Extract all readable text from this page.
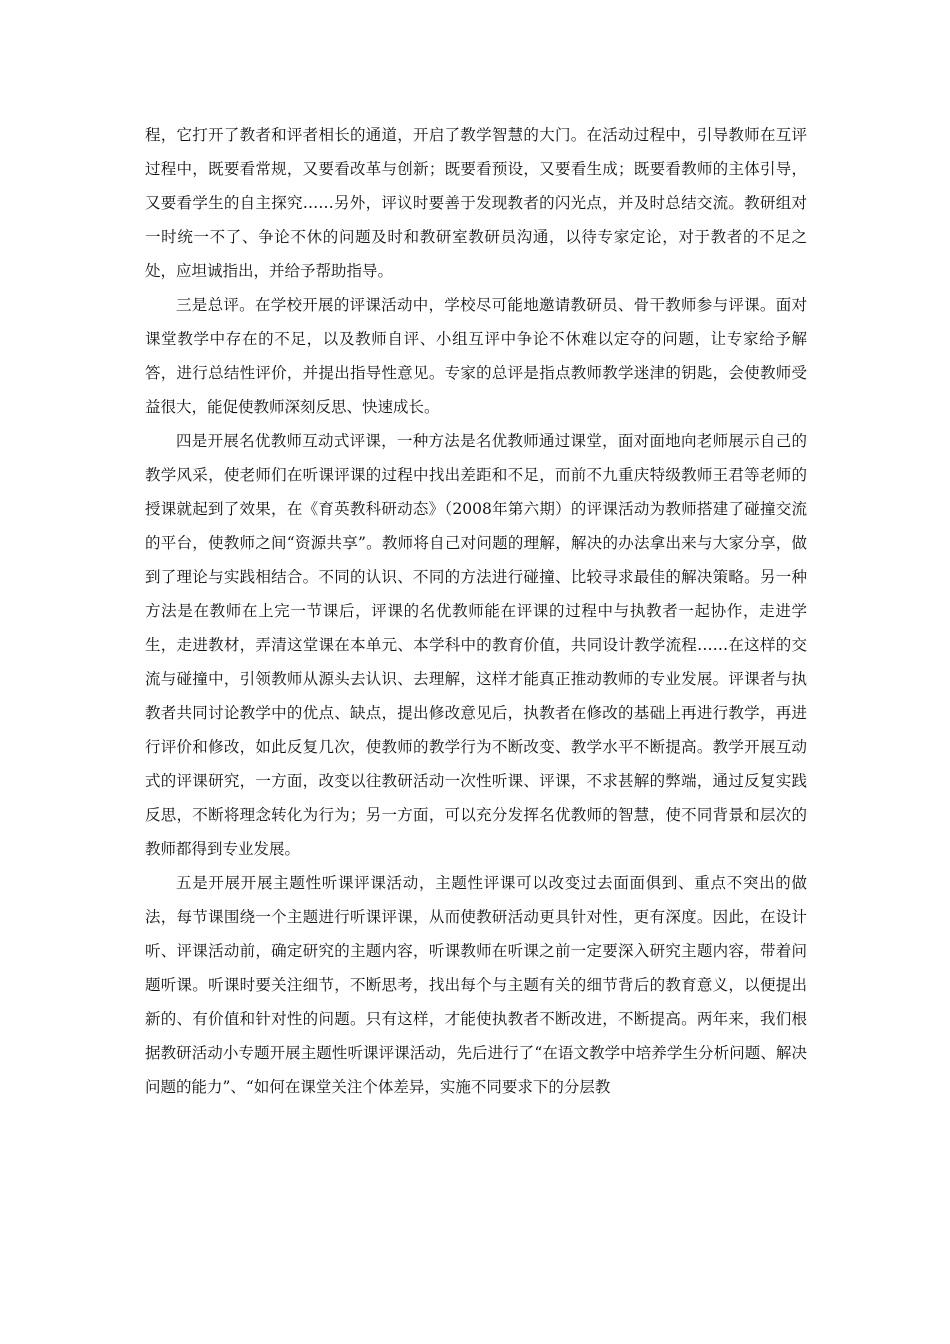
程，它打开了教者和评者相长的通道，开启了教学智慧的大门。在活动过程中，引导教师在互评过程中，既要看常规，又要看改革与创新；既要看预设，又要看生成；既要看教师的主体引导，又要看学生的自主探究……另外，评议时要善于发现教者的闪光点，并及时总结交流。教研组对一时统一不了、争论不休的问题及时和教研室教研员沟通，以待专家定论，对于教者的不足之处，应坦诚指出，并给予帮助指导。

三是总评。在学校开展的评课活动中，学校尽可能地邀请教研员、骨干教师参与评课。面对课堂教学中存在的不足，以及教师自评、小组互评中争论不休难以定夺的问题，让专家给予解答，进行总结性评价，并提出指导性意见。专家的总评是指点教师教学迷津的钥匙，会使教师受益很大，能促使教师深刻反思、快速成长。

四是开展名优教师互动式评课，一种方法是名优教师通过课堂，面对面地向老师展示自己的教学风采，使老师们在听课评课的过程中找出差距和不足，而前不九重庆特级教师王君等老师的授课就起到了效果，在《育英教科研动态》（2008年第六期）的评课活动为教师搭建了碰撞交流的平台，使教师之间“资源共享”。教师将自己对问题的理解，解决的办法拿出来与大家分享，做到了理论与实践相结合。不同的认识、不同的方法进行碰撞、比较寻求最佳的解决策略。另一种方法是在教师在上完一节课后，评课的名优教师能在评课的过程中与执教者一起协作，走进学生，走进教材，弄清这堂课在本单元、本学科中的教育价值，共同设计教学流程……在这样的交流与碰撞中，引领教师从源头去认识、去理解，这样才能真正推动教师的专业发展。评课者与执教者共同讨论教学中的优点、缺点，提出修改意见后，执教者在修改的基础上再进行教学，再进行评价和修改，如此反复几次，使教师的教学行为不断改变、教学水平不断提高。教学开展互动式的评课研究，一方面，改变以往教研活动一次性听课、评课，不求甚解的弊端，通过反复实践反思，不断将理念转化为行为；另一方面，可以充分发挥名优教师的智慧，使不同背景和层次的教师都得到专业发展。

五是开展开展主题性听课评课活动，主题性评课可以改变过去面面俱到、重点不突出的做法，每节课围绕一个主题进行听课评课，从而使教研活动更具针对性，更有深度。因此，在设计听、评课活动前，确定研究的主题内容，听课教师在听课之前一定要深入研究主题内容，带着问题听课。听课时要关注细节，不断思考，找出每个与主题有关的细节背后的教育意义，以便提出新的、有价值和针对性的问题。只有这样，才能使执教者不断改进，不断提高。两年来，我们根据教研活动小专题开展主题性听课评课活动，先后进行了“在语文教学中培养学生分析问题、解决问题的能力”、“如何在课堂关注个体差异，实施不同要求下的分层教
